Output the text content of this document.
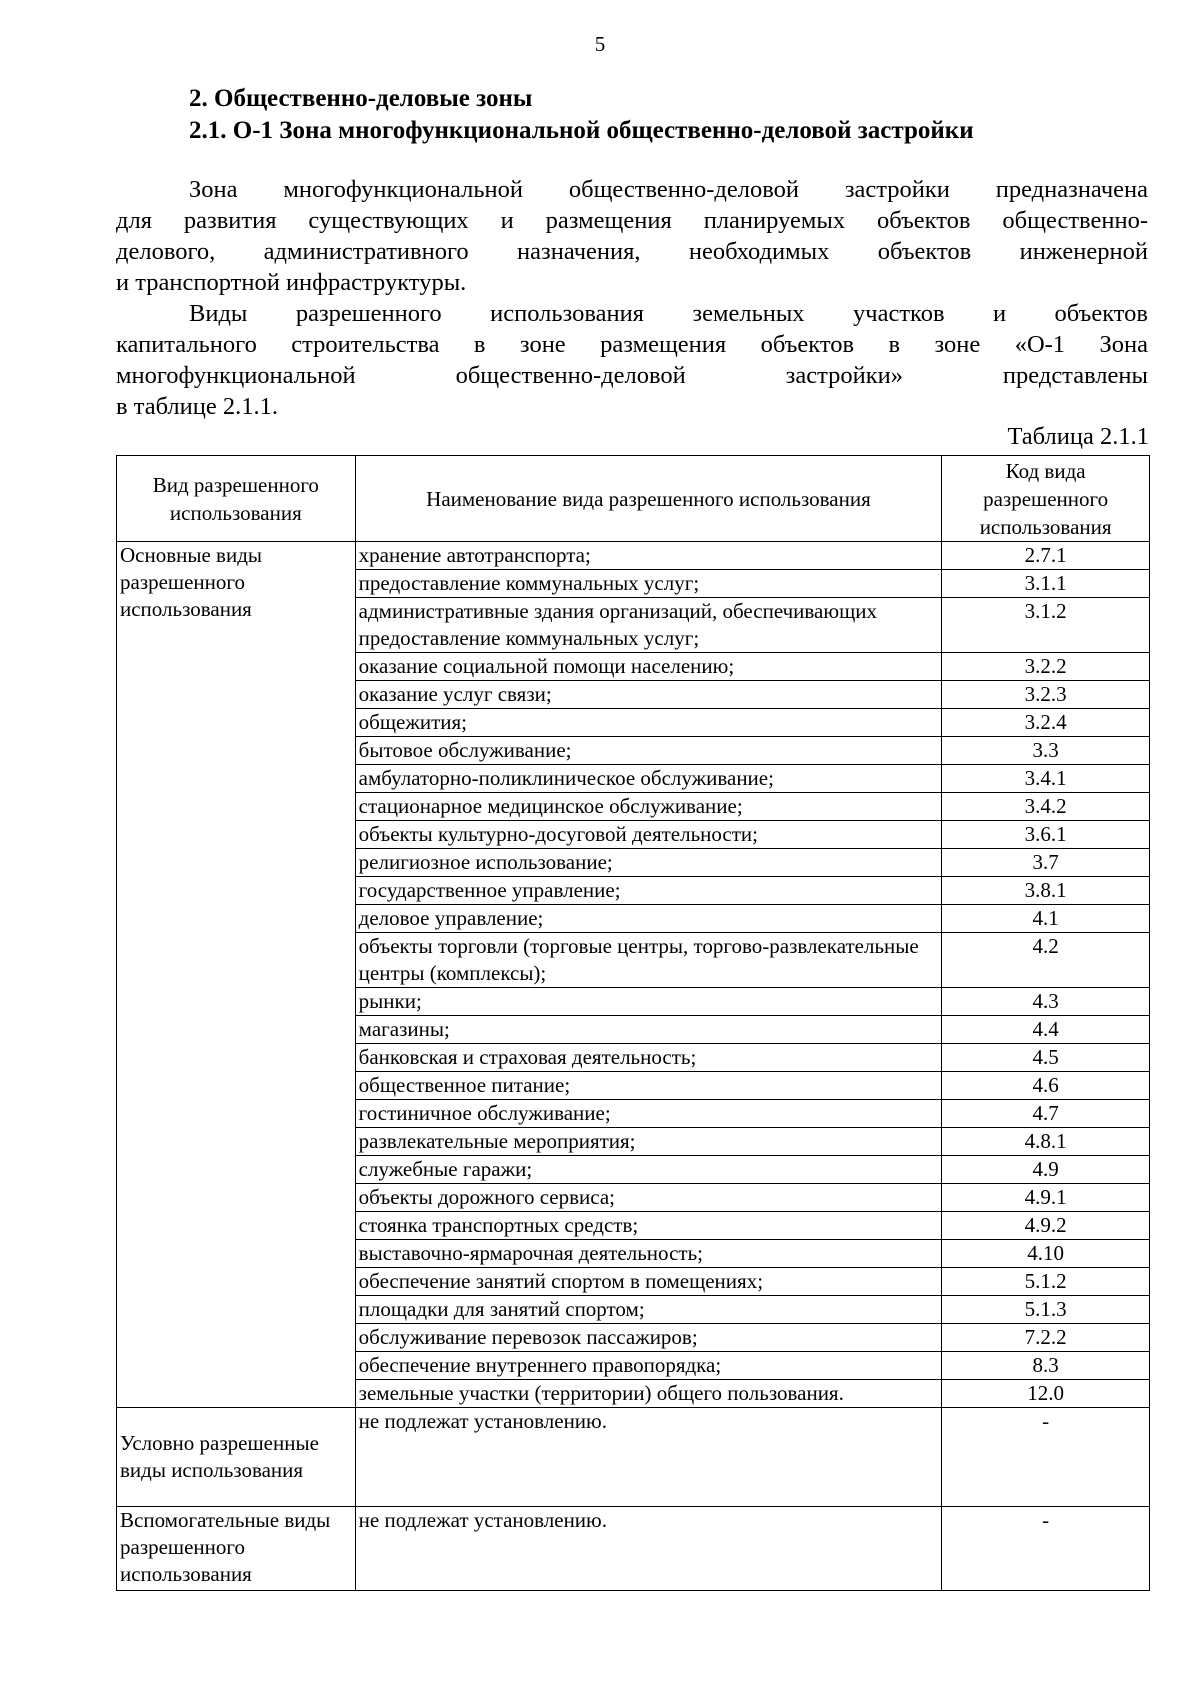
5
2. Общественно-деловые зоны
2.1. О-1 Зона многофункциональной общественно-деловой застройки
Зона многофункциональной общественно-деловой застройки предназначена
для развития существующих и размещения планируемых объектов общественно-
делового, административного назначения, необходимых объектов инженерной
и транспортной инфраструктуры.
Виды разрешенного использования земельных участков и объектов
капитального строительства в зоне размещения объектов в зоне «О-1 Зона
многофункциональной общественно-деловой застройки» представлены
в таблице 2.1.1.
Таблица 2.1.1
Вид разрешенного использования	Наименование вида разрешенного использования	Код вида разрешенного использования
Основные виды разрешенного использования	хранение автотранспорта;	2.7.1
	предоставление коммунальных услуг;	3.1.1
	административные здания организаций, обеспечивающих предоставление коммунальных услуг;	3.1.2
	оказание социальной помощи населению;	3.2.2
	оказание услуг связи;	3.2.3
	общежития;	3.2.4
	бытовое обслуживание;	3.3
	амбулаторно-поликлиническое обслуживание;	3.4.1
	стационарное медицинское обслуживание;	3.4.2
	объекты культурно-досуговой деятельности;	3.6.1
	религиозное использование;	3.7
	государственное управление;	3.8.1
	деловое управление;	4.1
	объекты торговли (торговые центры, торгово-развлекательные центры (комплексы);	4.2
	рынки;	4.3
	магазины;	4.4
	банковская и страховая деятельность;	4.5
	общественное питание;	4.6
	гостиничное обслуживание;	4.7
	развлекательные мероприятия;	4.8.1
	служебные гаражи;	4.9
	объекты дорожного сервиса;	4.9.1
	стоянка транспортных средств;	4.9.2
	выставочно-ярмарочная деятельность;	4.10
	обеспечение занятий спортом в помещениях;	5.1.2
	площадки для занятий спортом;	5.1.3
	обслуживание перевозок пассажиров;	7.2.2
	обеспечение внутреннего правопорядка;	8.3
	земельные участки (территории) общего пользования.	12.0
Условно разрешенные виды использования	не подлежат установлению.	-
Вспомогательные виды разрешенного использования	не подлежат установлению.	-
